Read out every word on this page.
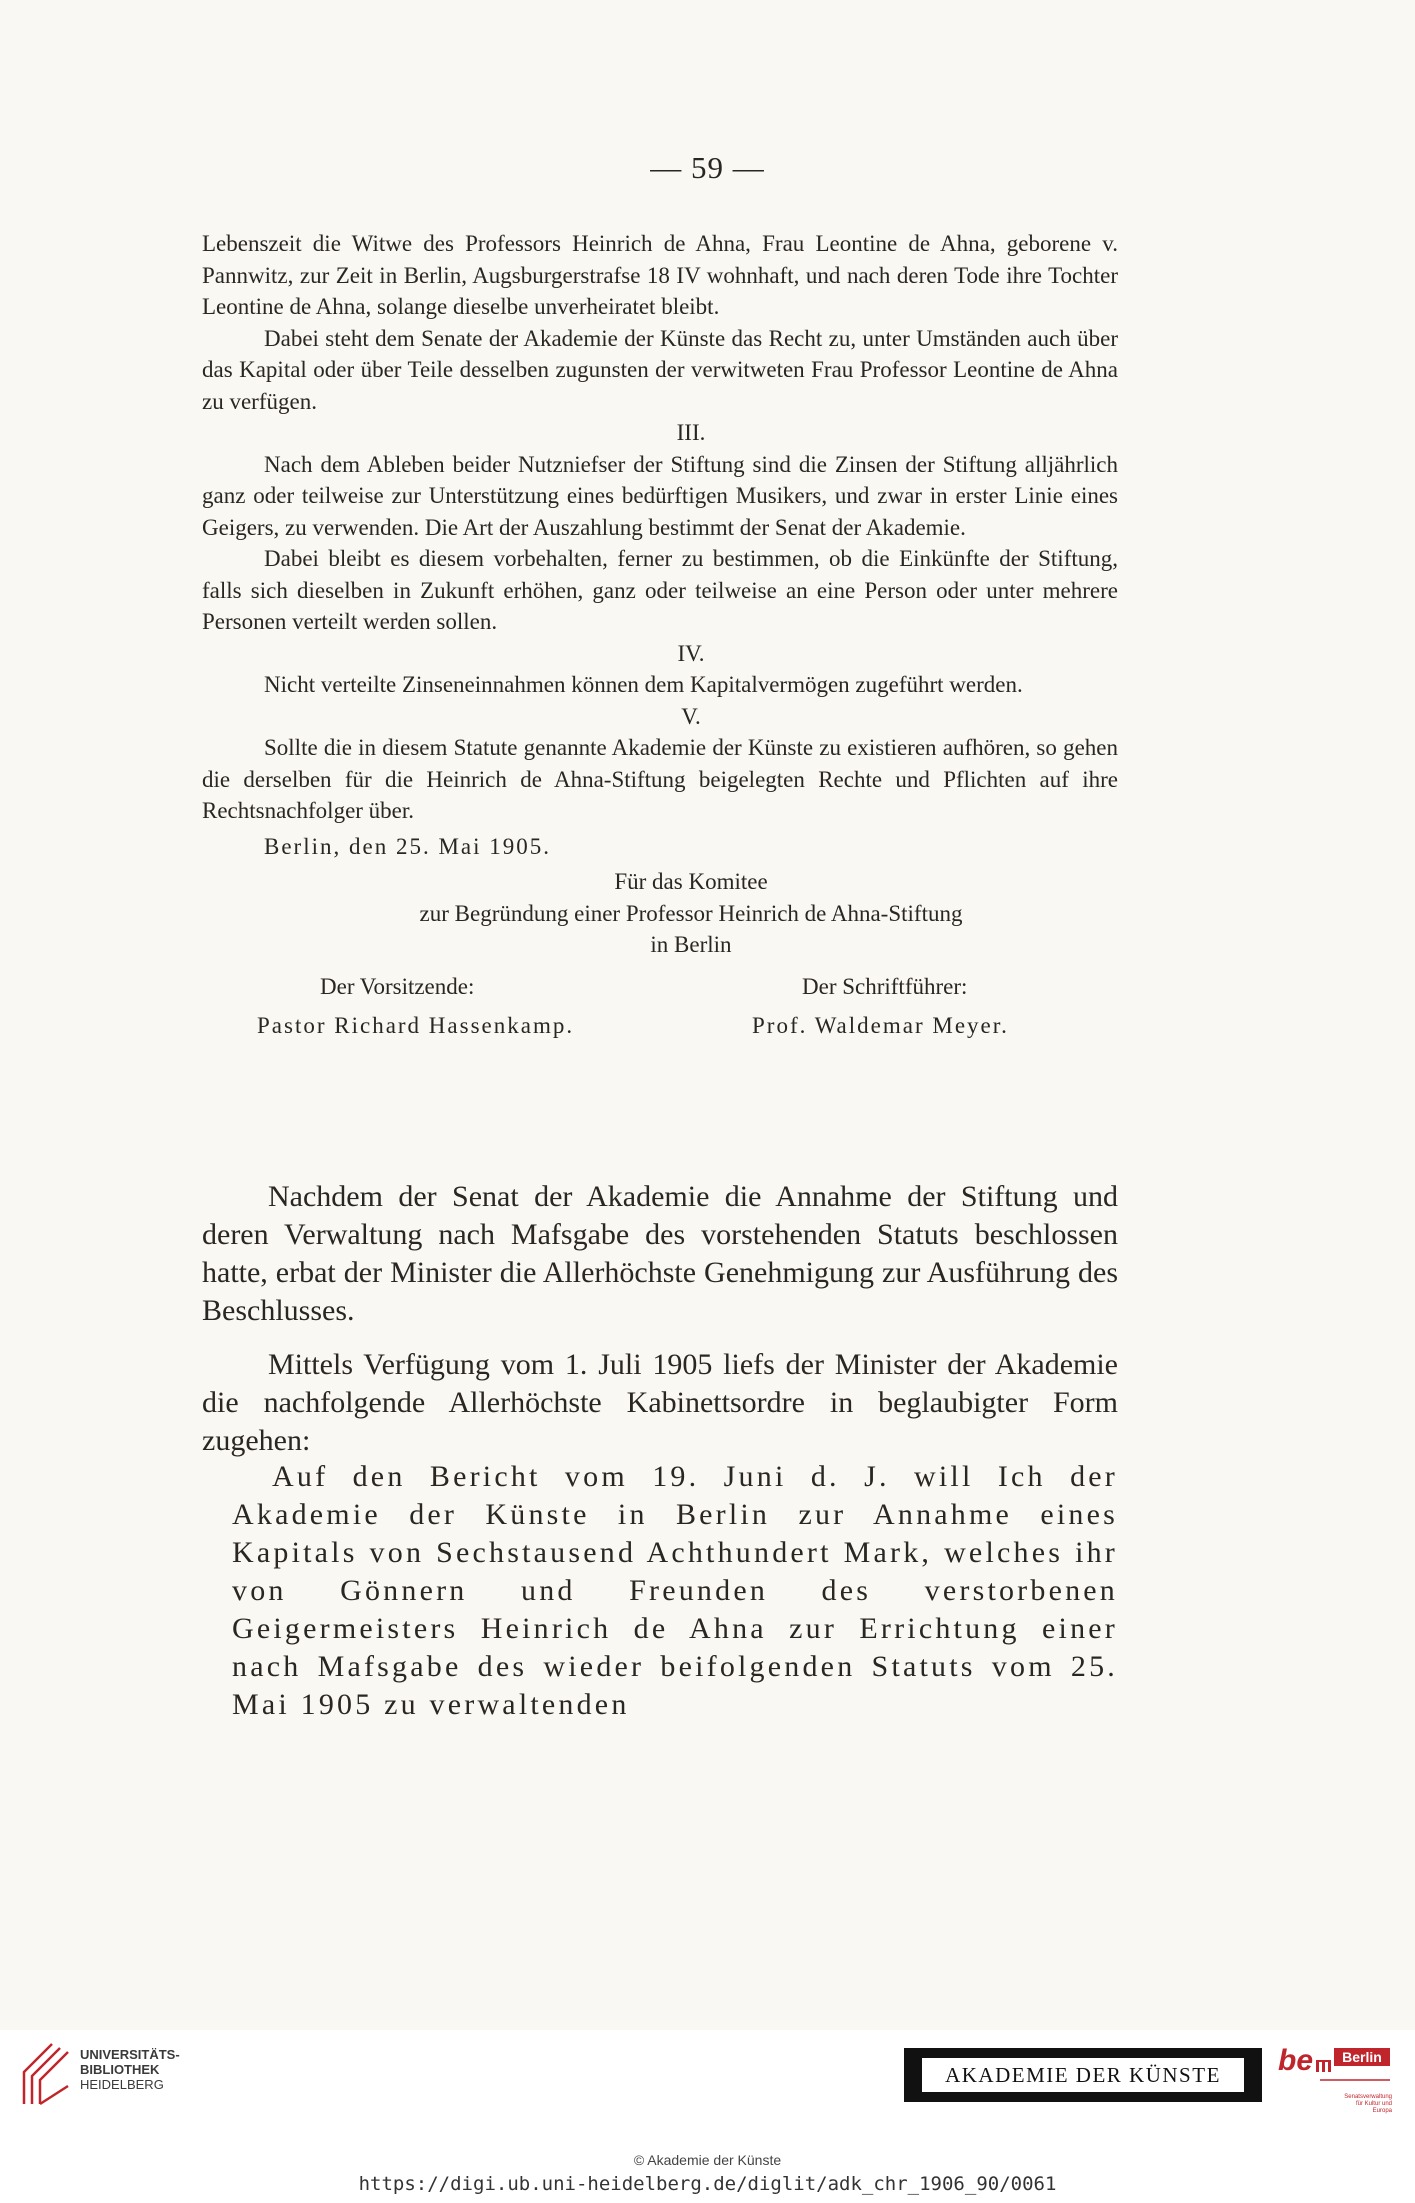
— 59 —

Lebenszeit die Witwe des Professors Heinrich de Ahna, Frau Leontine de Ahna, geborene v. Pannwitz, zur Zeit in Berlin, Augsburgerstrafse 18 IV wohnhaft, und nach deren Tode ihre Tochter Leontine de Ahna, solange dieselbe unverheiratet bleibt.

Dabei steht dem Senate der Akademie der Künste das Recht zu, unter Umständen auch über das Kapital oder über Teile desselben zugunsten der verwitweten Frau Professor Leontine de Ahna zu verfügen.

III.

Nach dem Ableben beider Nutzniefser der Stiftung sind die Zinsen der Stiftung alljährlich ganz oder teilweise zur Unterstützung eines bedürftigen Musikers, und zwar in erster Linie eines Geigers, zu verwenden. Die Art der Auszahlung bestimmt der Senat der Akademie.

Dabei bleibt es diesem vorbehalten, ferner zu bestimmen, ob die Einkünfte der Stiftung, falls sich dieselben in Zukunft erhöhen, ganz oder teilweise an eine Person oder unter mehrere Personen verteilt werden sollen.

IV.

Nicht verteilte Zinseneinnahmen können dem Kapitalvermögen zugeführt werden.

V.

Sollte die in diesem Statute genannte Akademie der Künste zu existieren aufhören, so gehen die derselben für die Heinrich de Ahna-Stiftung beigelegten Rechte und Pflichten auf ihre Rechtsnachfolger über.

Berlin, den 25. Mai 1905.

Für das Komitee

zur Begründung einer Professor Heinrich de Ahna-Stiftung

in Berlin

Der Vorsitzende:	Der Schriftführer:
Pastor Richard Hassenkamp.	Prof. Waldemar Meyer.

Nachdem der Senat der Akademie die Annahme der Stiftung und deren Verwaltung nach Mafsgabe des vorstehenden Statuts beschlossen hatte, erbat der Minister die Allerhöchste Genehmigung zur Ausführung des Beschlusses.

Mittels Verfügung vom 1. Juli 1905 liefs der Minister der Akademie die nachfolgende Allerhöchste Kabinettsordre in beglaubigter Form zugehen:

Auf den Bericht vom 19. Juni d. J. will Ich der Akademie der Künste in Berlin zur Annahme eines Kapitals von Sechstausend Achthundert Mark, welches ihr von Gönnern und Freunden des verstorbenen Geigermeisters Heinrich de Ahna zur Errichtung einer nach Mafsgabe des wieder beifolgenden Statuts vom 25. Mai 1905 zu verwaltenden

UNIVERSITÄTS-
BIBLIOTHEK
HEIDELBERG	AKADEMIE DER KÜNSTE	be Berlin
Senatsverwaltung
für Kultur und Europa
© Akademie der Künste
https://digi.ub.uni-heidelberg.de/diglit/adk_chr_1906_90/0061
